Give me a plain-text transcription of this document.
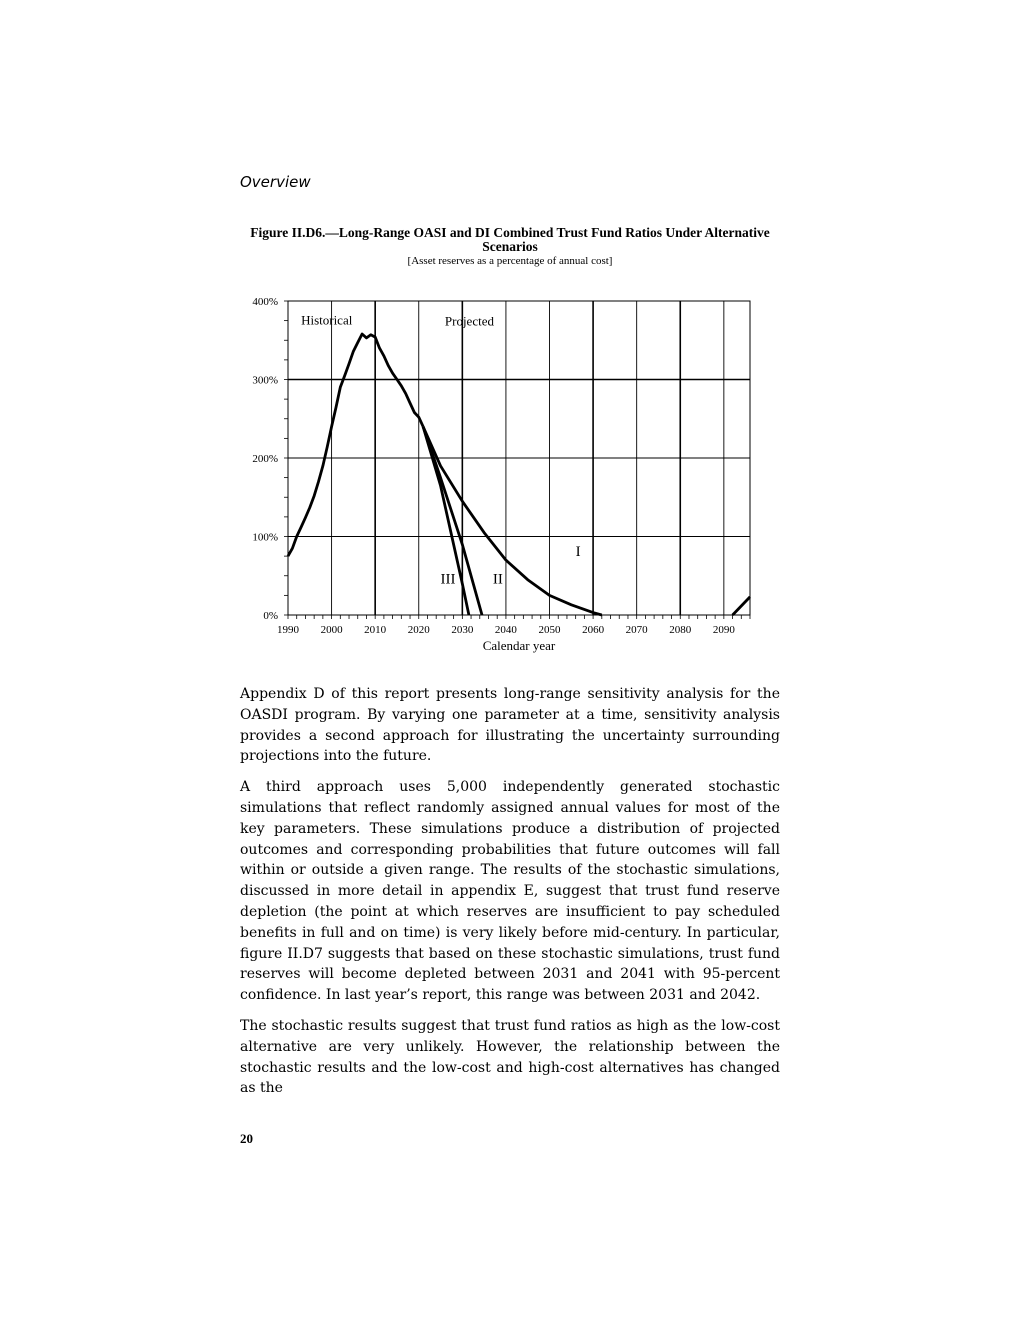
Overview
Figure II.D6.—Long-Range OASI and DI Combined Trust Fund Ratios Under Alternative Scenarios
[Asset reserves as a percentage of annual cost]
1990 2000 2010 2020 2030 2040 2050 2060 2070 2080 2090
0%
100%
200%
300%
400%
Historical	Projected
I
II
III
Calendar year

Appendix D of this report presents long-range sensitivity analysis for the OASDI program. By varying one parameter at a time, sensitivity analysis provides a second approach for illustrating the uncertainty surrounding projections into the future.

A third approach uses 5,000 independently generated stochastic simulations that reflect randomly assigned annual values for most of the key parameters. These simulations produce a distribution of projected outcomes and corresponding probabilities that future outcomes will fall within or outside a given range. The results of the stochastic simulations, discussed in more detail in appendix E, suggest that trust fund reserve depletion (the point at which reserves are insufficient to pay scheduled benefits in full and on time) is very likely before mid-century. In particular, figure II.D7 suggests that based on these stochastic simulations, trust fund reserves will become depleted between 2031 and 2041 with 95-percent confidence. In last year’s report, this range was between 2031 and 2042.

The stochastic results suggest that trust fund ratios as high as the low-cost alternative are very unlikely. However, the relationship between the stochastic results and the low-cost and high-cost alternatives has changed as the

20
